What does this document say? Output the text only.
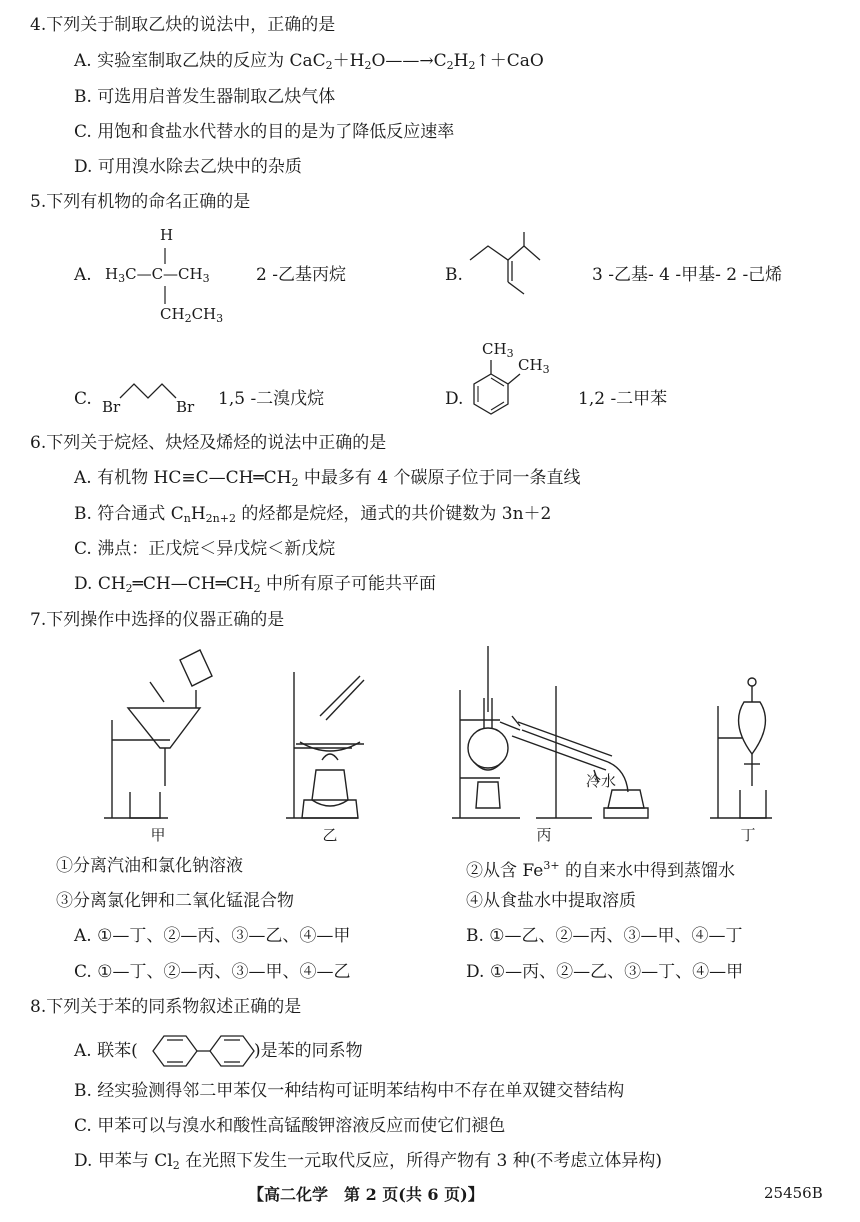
4.下列关于制取乙炔的说法中，正确的是
A. 实验室制取乙炔的反应为 $CaC_2+H_2O——\to C_2H_2↑+CaO$
B. 可选用启普发生器制取乙炔气体
C. 用饱和食盐水代替水的目的是为了降低反应速率
D. 可用溴水除去乙炔中的杂质
5.下列有机物的命名正确的是
A.
H
$H_3C—C—CH_3$
$CH_2CH_3$
2 -乙基丙烷	B.	3 -乙基- 4 -甲基- 2 -己烯
C. Br	Br 1,5 -二溴戊烷	D.
$CH_3$
$CH_3$
1,2 -二甲苯
6.下列关于烷烃、炔烃及烯烃的说法中正确的是
A. 有机物 $HC\equiv C—CH═CH_2$ 中最多有 4 个碳原子位于同一条直线
B. 符合通式 $C_nH_{2n+2}$ 的烃都是烷烃，通式的共价键数为 3n＋2
C. 沸点：正戊烷＜异戊烷＜新戊烷
D. $CH_2═CH—CH═CH_2$ 中所有原子可能共平面
7.下列操作中选择的仪器正确的是
冷水
甲	乙	丙	丁
①分离汽油和氯化钠溶液	②从含 $Fe^{3+}$ 的自来水中得到蒸馏水
③分离氯化钾和二氧化锰混合物	④从食盐水中提取溶质
A. ①—丁、②—丙、③—乙、④—甲	B. ①—乙、②—丙、③—甲、④—丁
C. ①—丁、②—丙、③—甲、④—乙	D. ①—丙、②—乙、③—丁、④—甲
8.下列关于苯的同系物叙述正确的是
A. 联苯(	)是苯的同系物
B. 经实验测得邻二甲苯仅一种结构可证明苯结构中不存在单双键交替结构
C. 甲苯可以与溴水和酸性高锰酸钾溶液反应而使它们褪色
D. 甲苯与 $Cl_2$ 在光照下发生一元取代反应，所得产物有 3 种(不考虑立体异构)
【高二化学　第 2 页(共 6 页)】	25456B
